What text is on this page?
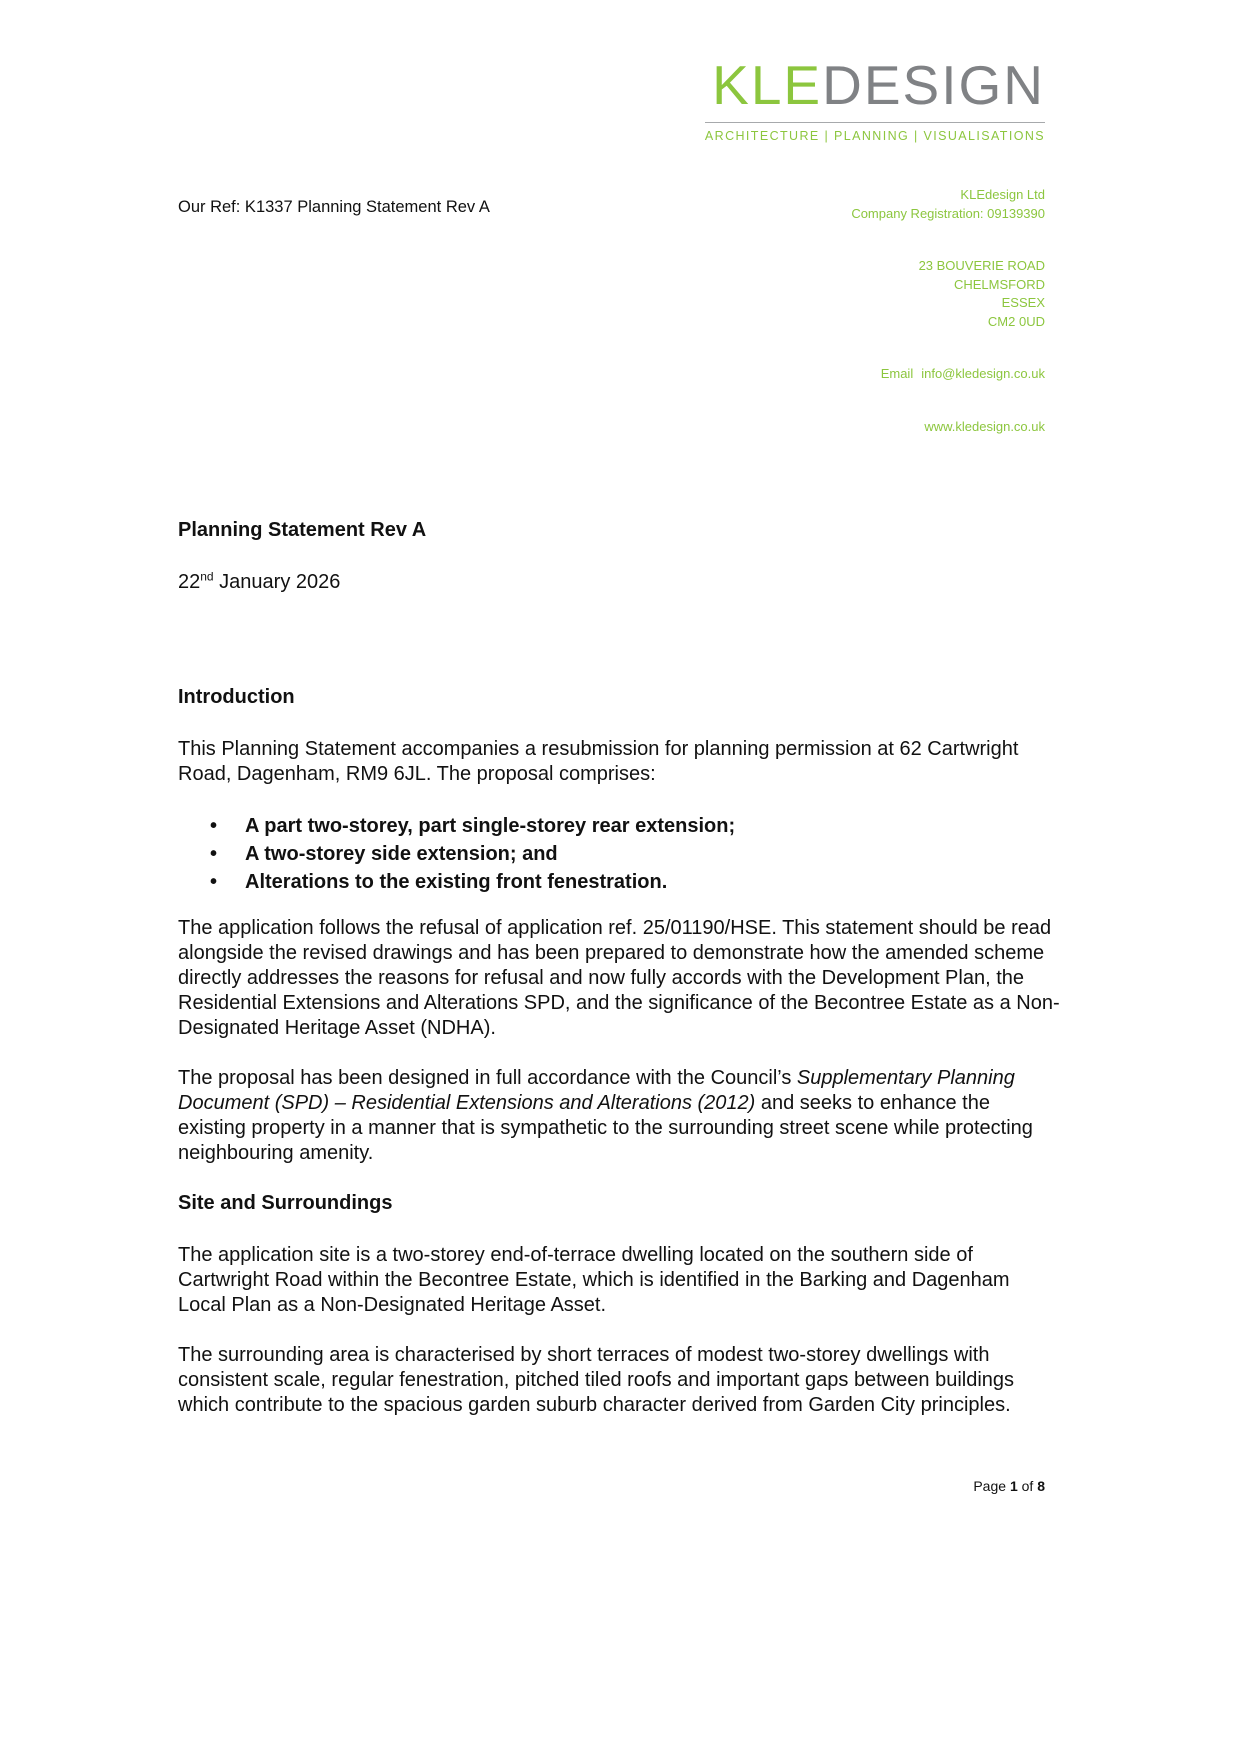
KLEDESIGN
ARCHITECTURE | PLANNING | VISUALISATIONS
Our Ref: K1337 Planning Statement Rev A
KLEdesign Ltd
Company Registration: 09139390
23 BOUVERIE ROAD
CHELMSFORD
ESSEX
CM2 0UD
Email info@kledesign.co.uk
www.kledesign.co.uk
Planning Statement Rev A
22nd January 2026
Introduction

This Planning Statement accompanies a resubmission for planning permission at 62 Cartwright Road, Dagenham, RM9 6JL. The proposal comprises:

• A part two-storey, part single-storey rear extension;
• A two-storey side extension; and
• Alterations to the existing front fenestration.

The application follows the refusal of application ref. 25/01190/HSE. This statement should be read alongside the revised drawings and has been prepared to demonstrate how the amended scheme directly addresses the reasons for refusal and now fully accords with the Development Plan, the Residential Extensions and Alterations SPD, and the significance of the Becontree Estate as a Non-Designated Heritage Asset (NDHA).

The proposal has been designed in full accordance with the Council’s Supplementary Planning Document (SPD) – Residential Extensions and Alterations (2012) and seeks to enhance the existing property in a manner that is sympathetic to the surrounding street scene while protecting neighbouring amenity.

Site and Surroundings

The application site is a two-storey end-of-terrace dwelling located on the southern side of Cartwright Road within the Becontree Estate, which is identified in the Barking and Dagenham Local Plan as a Non-Designated Heritage Asset.

The surrounding area is characterised by short terraces of modest two-storey dwellings with consistent scale, regular fenestration, pitched tiled roofs and important gaps between buildings which contribute to the spacious garden suburb character derived from Garden City principles.

Page 1 of 8
